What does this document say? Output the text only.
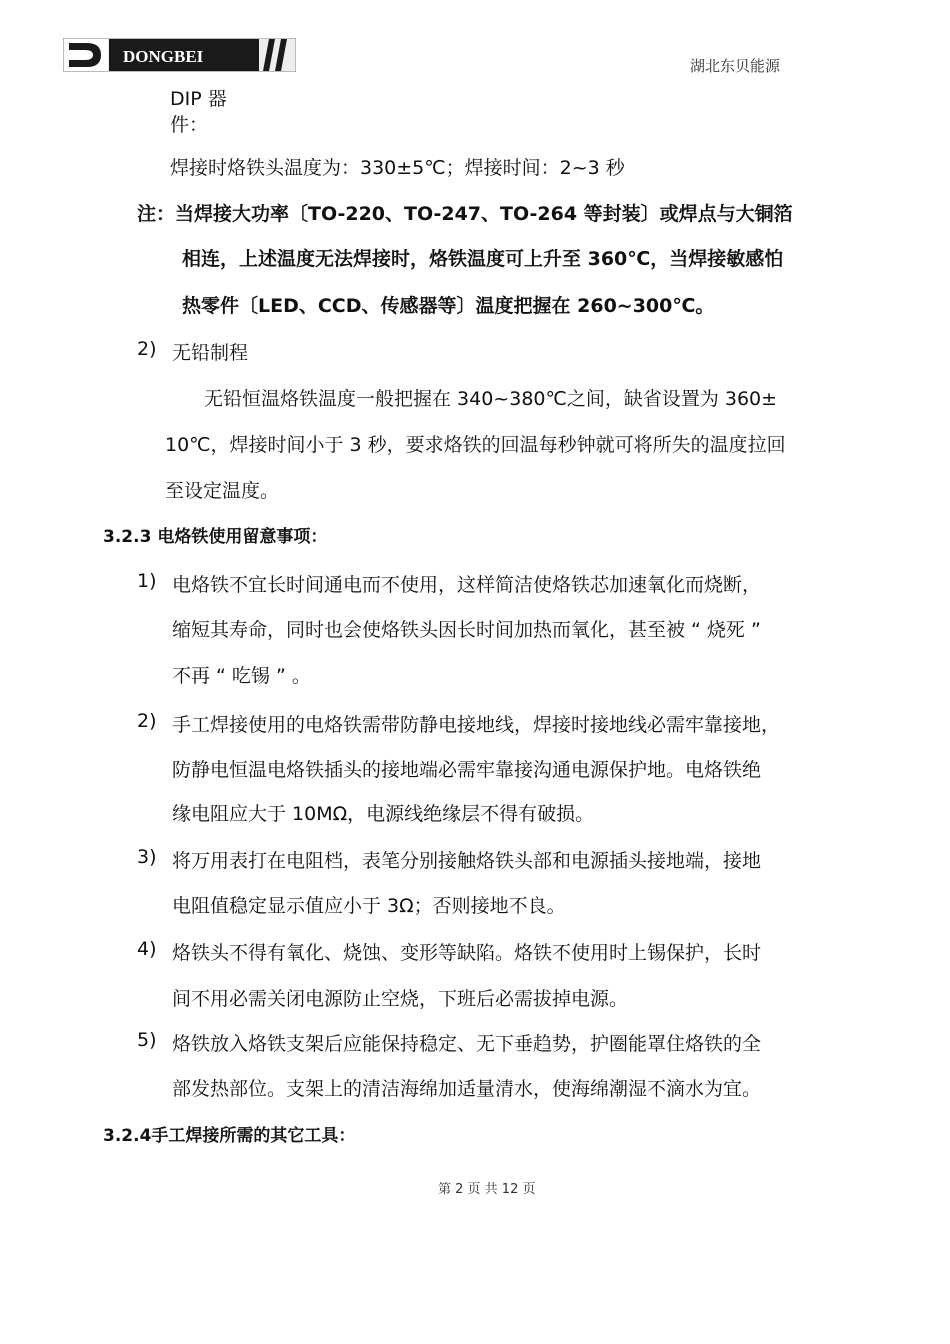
DONGBEI	湖北东贝能源
DIP 器
件：
焊接时烙铁头温度为：330±5℃；焊接时间：2~3 秒
注：当焊接大功率〔TO-220、TO-247、TO-264 等封装〕或焊点与大铜箔
相连，上述温度无法焊接时，烙铁温度可上升至 360℃，当焊接敏感怕
热零件〔LED、CCD、传感器等〕温度把握在 260~300℃。
2) 无铅制程
无铅恒温烙铁温度一般把握在 340~380℃之间，缺省设置为 360±
10℃，焊接时间小于 3 秒，要求烙铁的回温每秒钟就可将所失的温度拉回
至设定温度。
3.2.3 电烙铁使用留意事项：
1) 电烙铁不宜长时间通电而不使用，这样简洁使烙铁芯加速氧化而烧断，
缩短其寿命，同时也会使烙铁头因长时间加热而氧化，甚至被 “ 烧死 ”
不再 “ 吃锡 ” 。
2) 手工焊接使用的电烙铁需带防静电接地线，焊接时接地线必需牢靠接地，
防静电恒温电烙铁插头的接地端必需牢靠接沟通电源保护地。电烙铁绝
缘电阻应大于 10MΩ，电源线绝缘层不得有破损。
3) 将万用表打在电阻档，表笔分别接触烙铁头部和电源插头接地端，接地
电阻值稳定显示值应小于 3Ω；否则接地不良。
4) 烙铁头不得有氧化、烧蚀、变形等缺陷。烙铁不使用时上锡保护，长时
间不用必需关闭电源防止空烧，下班后必需拔掉电源。
5) 烙铁放入烙铁支架后应能保持稳定、无下垂趋势，护圈能罩住烙铁的全
部发热部位。支架上的清洁海绵加适量清水，使海绵潮湿不滴水为宜。
3.2.4手工焊接所需的其它工具：
第 2 页 共 12 页
